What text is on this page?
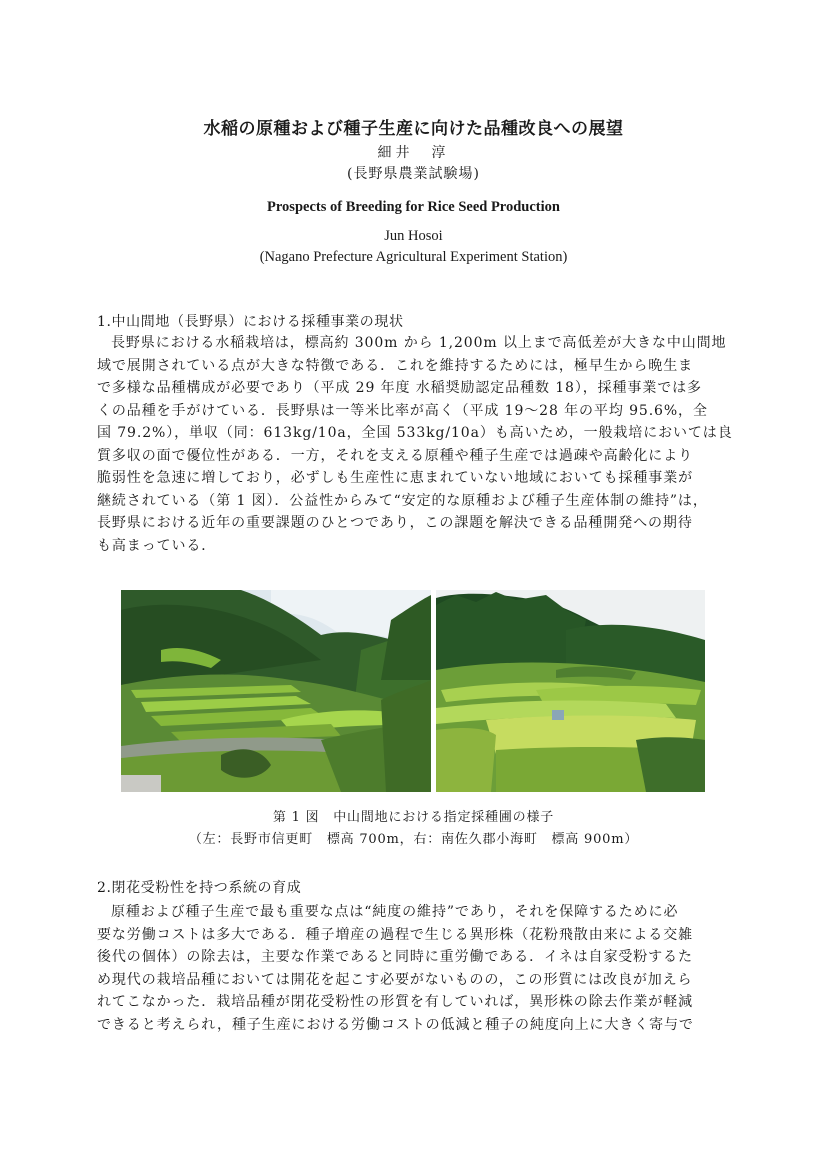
水稲の原種および種子生産に向けた品種改良への展望
細井　淳
(長野県農業試験場)
Prospects of Breeding for Rice Seed Production
Jun Hosoi
(Nagano Prefecture Agricultural Experiment Station)
1.中山間地（長野県）における採種事業の現状
長野県における水稲栽培は，標高約 300m から 1,200m 以上まで高低差が大きな中山間地
域で展開されている点が大きな特徴である．これを維持するためには，極早生から晩生ま
で多様な品種構成が必要であり（平成 29 年度 水稲奨励認定品種数 18），採種事業では多
くの品種を手がけている．長野県は一等米比率が高く（平成 19～28 年の平均 95.6%，全
国 79.2%），単収（同：613kg/10a，全国 533kg/10a）も高いため，一般栽培においては良
質多収の面で優位性がある．一方，それを支える原種や種子生産では過疎や高齢化により
脆弱性を急速に増しており，必ずしも生産性に恵まれていない地域においても採種事業が
継続されている（第 1 図）．公益性からみて“安定的な原種および種子生産体制の維持”は，
長野県における近年の重要課題のひとつであり，この課題を解決できる品種開発への期待
も高まっている．
第 1 図　中山間地における指定採種圃の様子
（左：長野市信更町　標高 700m，右：南佐久郡小海町　標高 900m）
2.閉花受粉性を持つ系統の育成
原種および種子生産で最も重要な点は“純度の維持”であり，それを保障するために必
要な労働コストは多大である．種子増産の過程で生じる異形株（花粉飛散由来による交雑
後代の個体）の除去は，主要な作業であると同時に重労働である．イネは自家受粉するた
め現代の栽培品種においては開花を起こす必要がないものの，この形質には改良が加えら
れてこなかった．栽培品種が閉花受粉性の形質を有していれば，異形株の除去作業が軽減
できると考えられ，種子生産における労働コストの低減と種子の純度向上に大きく寄与で
